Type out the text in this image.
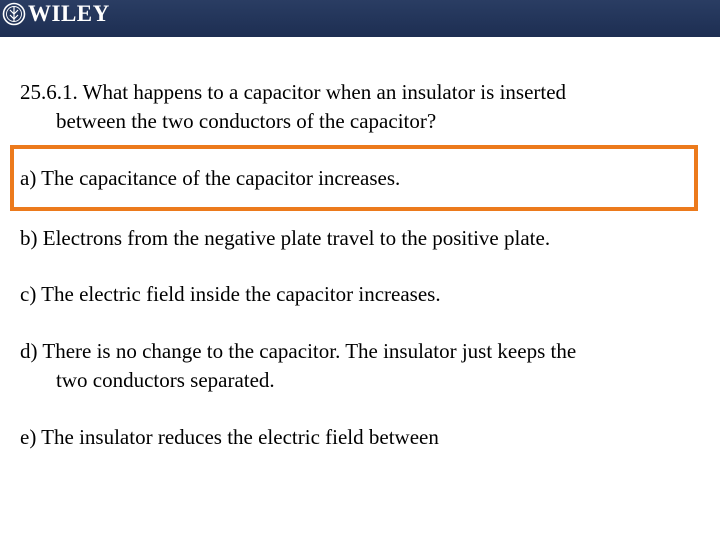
WILEY
25.6.1. What happens to a capacitor when an insulator is inserted
between the two conductors of the capacitor?
a) The capacitance of the capacitor increases.
b) Electrons from the negative plate travel to the positive plate.
c) The electric field inside the capacitor increases.
d) There is no change to the capacitor. The insulator just keeps the
two conductors separated.
e) The insulator reduces the electric field between
